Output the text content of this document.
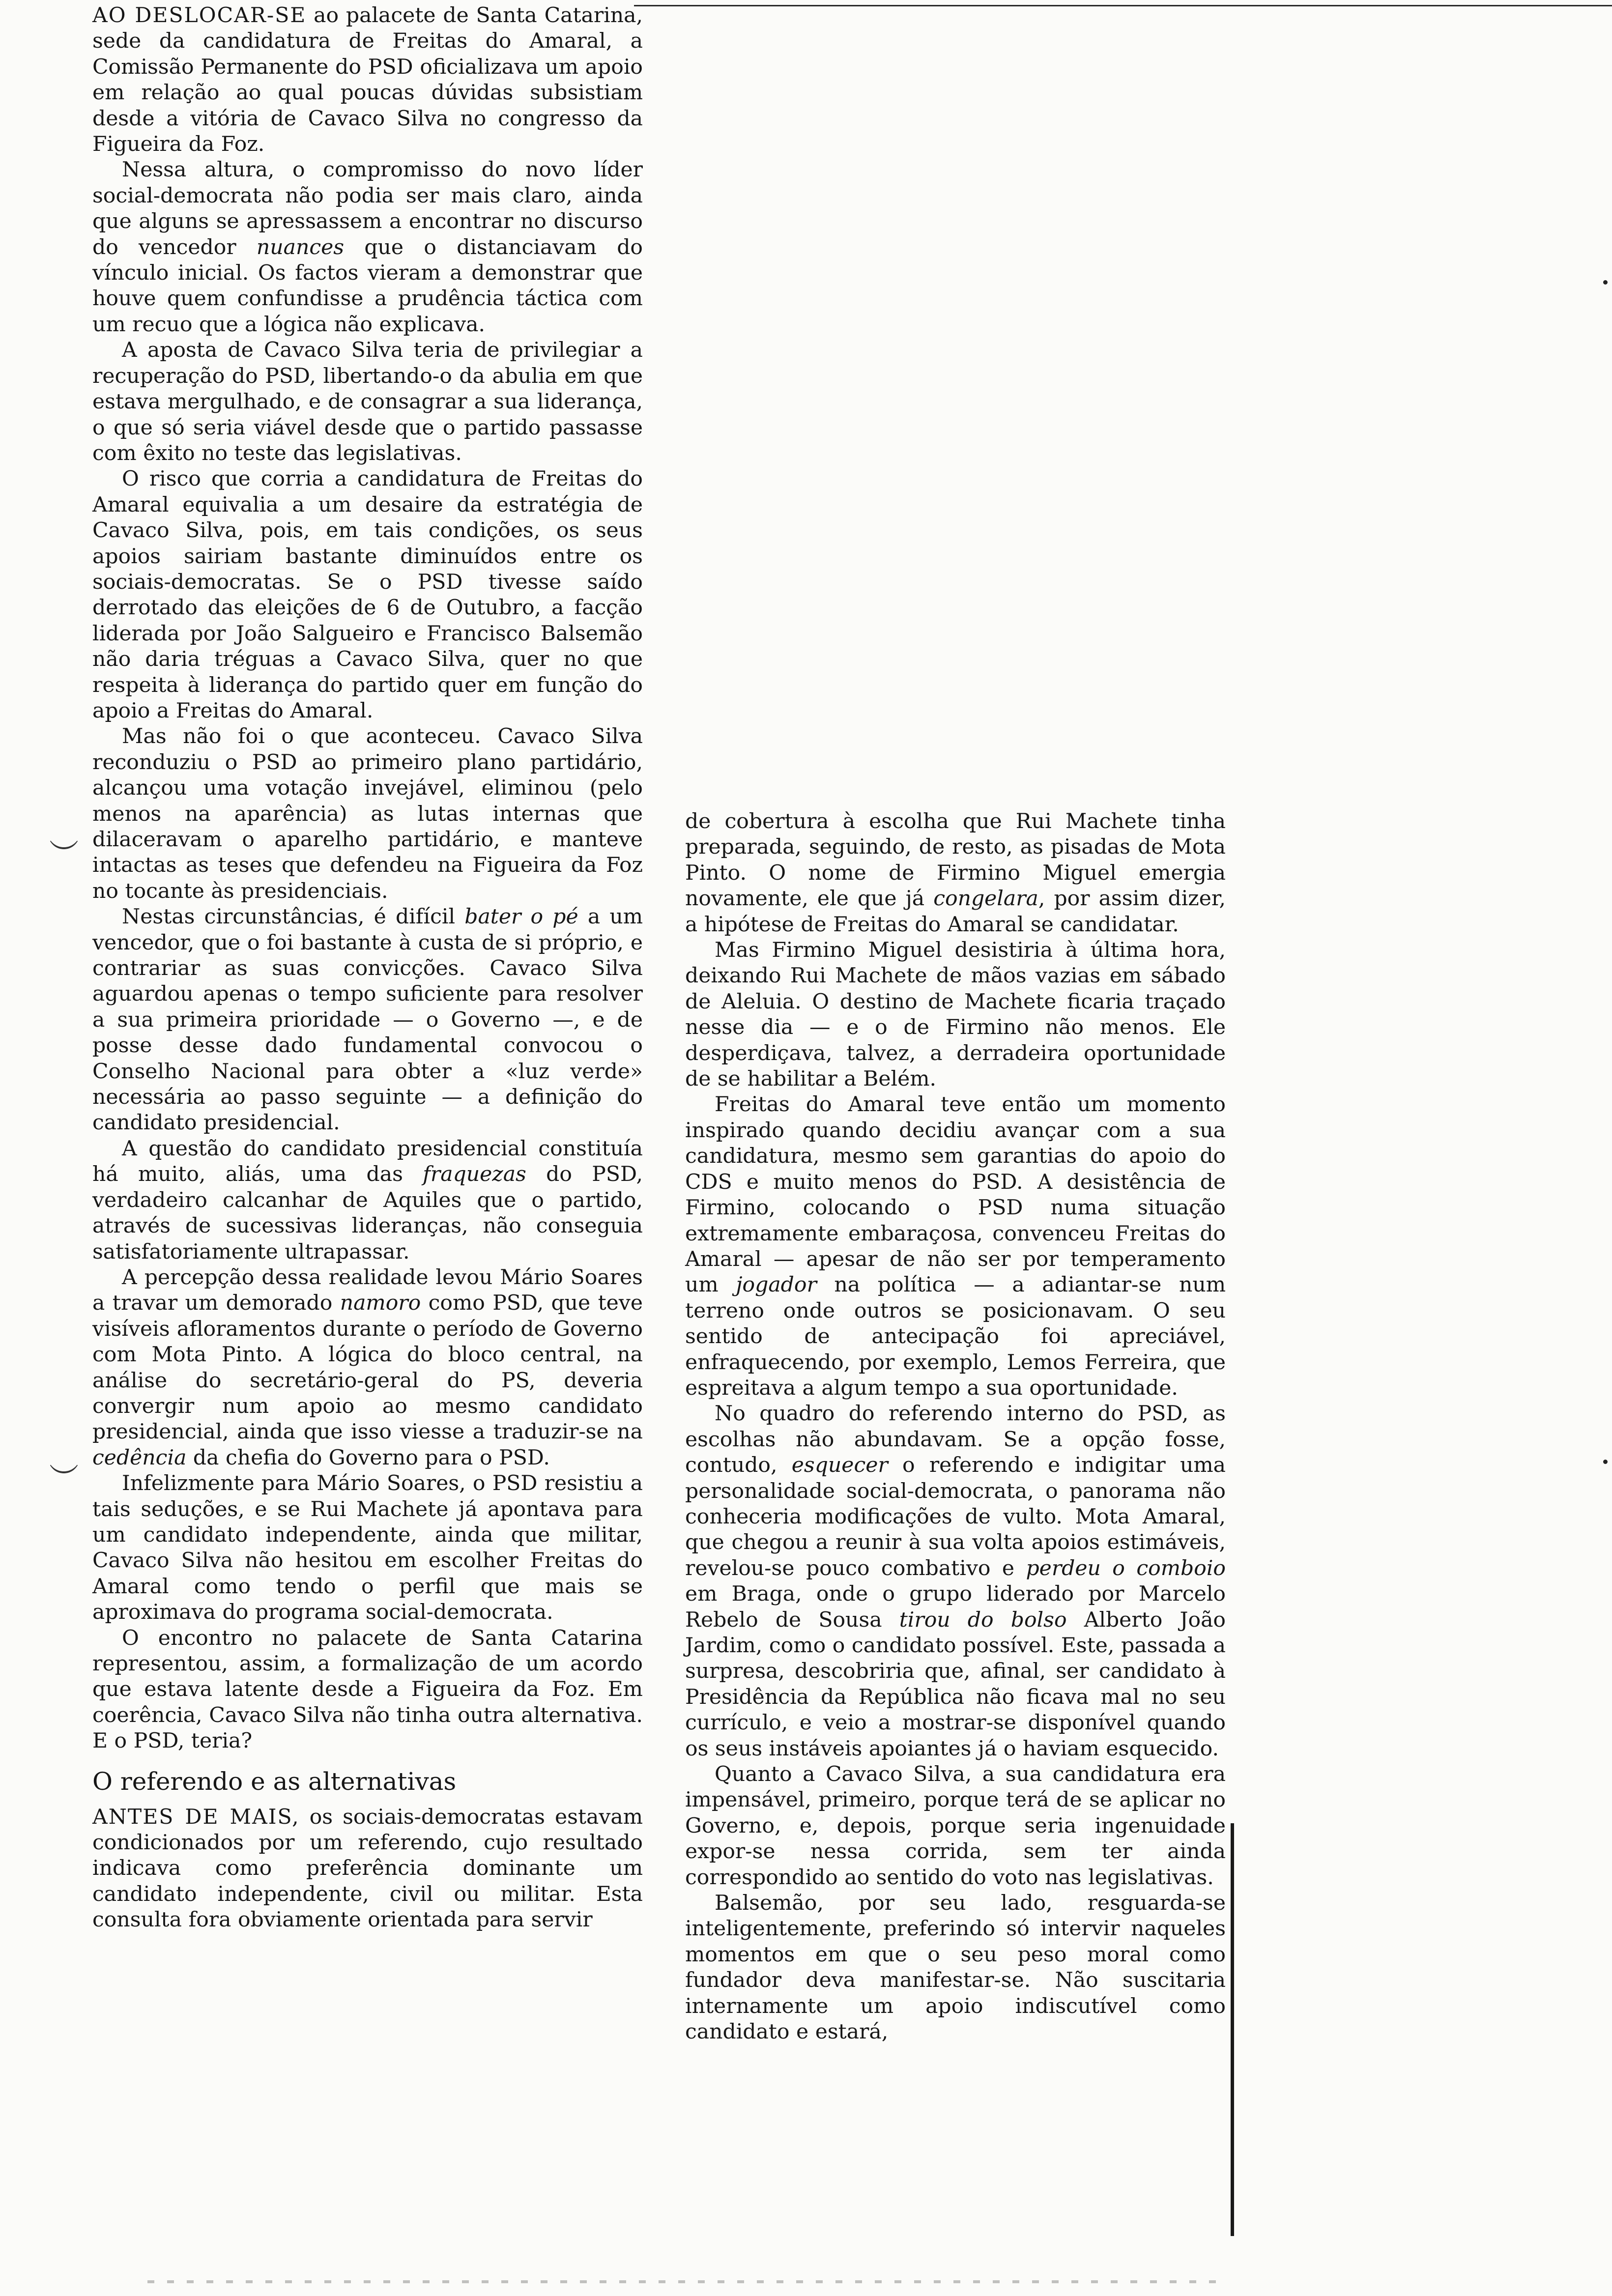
AO DESLOCAR-SE ao palacete de Santa Catarina, sede da candidatura de Freitas do Amaral, a Comissão Permanente do PSD oficializava um apoio em relação ao qual poucas dúvidas subsistiam desde a vitória de Cavaco Silva no congresso da Figueira da Foz.

Nessa altura, o compromisso do novo líder social-democrata não podia ser mais claro, ainda que alguns se apressassem a encontrar no discurso do vencedor nuances que o distanciavam do vínculo inicial. Os factos vieram a demonstrar que houve quem confundisse a prudência táctica com um recuo que a lógica não explicava.

A aposta de Cavaco Silva teria de privilegiar a recuperação do PSD, libertando-o da abulia em que estava mergulhado, e de consagrar a sua liderança, o que só seria viável desde que o partido passasse com êxito no teste das legislativas.

O risco que corria a candidatura de Freitas do Amaral equivalia a um desaire da estratégia de Cavaco Silva, pois, em tais condições, os seus apoios sairiam bastante diminuídos entre os sociais-democratas. Se o PSD tivesse saído derrotado das eleições de 6 de Outubro, a facção liderada por João Salgueiro e Francisco Balsemão não daria tréguas a Cavaco Silva, quer no que respeita à liderança do partido quer em função do apoio a Freitas do Amaral.

Mas não foi o que aconteceu. Cavaco Silva reconduziu o PSD ao primeiro plano partidário, alcançou uma votação invejável, eliminou (pelo menos na aparência) as lutas internas que dilaceravam o aparelho partidário, e manteve intactas as teses que defendeu na Figueira da Foz no tocante às presidenciais.

Nestas circunstâncias, é difícil bater o pé a um vencedor, que o foi bastante à custa de si próprio, e contrariar as suas convicções. Cavaco Silva aguardou apenas o tempo suficiente para resolver a sua primeira prioridade — o Governo —, e de posse desse dado fundamental convocou o Conselho Nacional para obter a «luz verde» necessária ao passo seguinte — a definição do candidato presidencial.

A questão do candidato presidencial constituía há muito, aliás, uma das fraquezas do PSD, verdadeiro calcanhar de Aquiles que o partido, através de sucessivas lideranças, não conseguia satisfatoriamente ultrapassar.

A percepção dessa realidade levou Mário Soares a travar um demorado namoro como PSD, que teve visíveis afloramentos durante o período de Governo com Mota Pinto. A lógica do bloco central, na análise do secretário-geral do PS, deveria convergir num apoio ao mesmo candidato presidencial, ainda que isso viesse a traduzir-se na cedência da chefia do Governo para o PSD.

Infelizmente para Mário Soares, o PSD resistiu a tais seduções, e se Rui Machete já apontava para um candidato independente, ainda que militar, Cavaco Silva não hesitou em escolher Freitas do Amaral como tendo o perfil que mais se aproximava do programa social-democrata.

O encontro no palacete de Santa Catarina representou, assim, a formalização de um acordo que estava latente desde a Figueira da Foz. Em coerência, Cavaco Silva não tinha outra alternativa. E o PSD, teria?

O referendo e as alternativas

ANTES DE MAIS, os sociais-democratas estavam condicionados por um referendo, cujo resultado indicava como preferência dominante um candidato independente, civil ou militar. Esta consulta fora obviamente orientada para servir

de cobertura à escolha que Rui Machete tinha preparada, seguindo, de resto, as pisadas de Mota Pinto. O nome de Firmino Miguel emergia novamente, ele que já congelara, por assim dizer, a hipótese de Freitas do Amaral se candidatar.

Mas Firmino Miguel desistiria à última hora, deixando Rui Machete de mãos vazias em sábado de Aleluia. O destino de Machete ficaria traçado nesse dia — e o de Firmino não menos. Ele desperdiçava, talvez, a derradeira oportunidade de se habilitar a Belém.

Freitas do Amaral teve então um momento inspirado quando decidiu avançar com a sua candidatura, mesmo sem garantias do apoio do CDS e muito menos do PSD. A desistência de Firmino, colocando o PSD numa situação extremamente embaraçosa, convenceu Freitas do Amaral — apesar de não ser por temperamento um jogador na política — a adiantar-se num terreno onde outros se posicionavam. O seu sentido de antecipação foi apreciável, enfraquecendo, por exemplo, Lemos Ferreira, que espreitava a algum tempo a sua oportunidade.

No quadro do referendo interno do PSD, as escolhas não abundavam. Se a opção fosse, contudo, esquecer o referendo e indigitar uma personalidade social-democrata, o panorama não conheceria modificações de vulto. Mota Amaral, que chegou a reunir à sua volta apoios estimáveis, revelou-se pouco combativo e perdeu o comboio em Braga, onde o grupo liderado por Marcelo Rebelo de Sousa tirou do bolso Alberto João Jardim, como o candidato possível. Este, passada a surpresa, descobriria que, afinal, ser candidato à Presidência da República não ficava mal no seu currículo, e veio a mostrar-se disponível quando os seus instáveis apoiantes já o haviam esquecido.

Quanto a Cavaco Silva, a sua candidatura era impensável, primeiro, porque terá de se aplicar no Governo, e, depois, porque seria ingenuidade expor-se nessa corrida, sem ter ainda correspondido ao sentido do voto nas legislativas.

Balsemão, por seu lado, resguarda-se inteligentemente, preferindo só intervir naqueles momentos em que o seu peso moral como fundador deva manifestar-se. Não suscitaria internamente um apoio indiscutível como candidato e estará,

︶
︶
